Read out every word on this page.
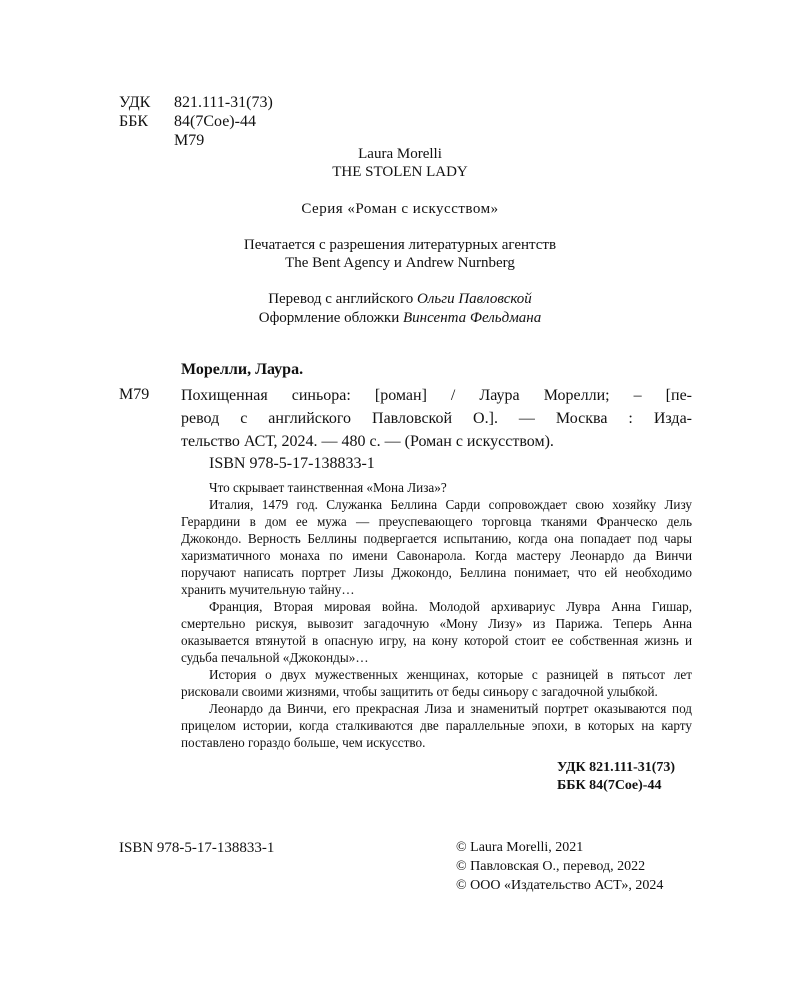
УДК	821.111-31(73)
ББК	84(7Сое)-44
М79
Laura Morelli
THE STOLEN LADY
Серия «Роман с искусством»
Печатается с разрешения литературных агентств
The Bent Agency и Andrew Nurnberg
Перевод с английского Ольги Павловской
Оформление обложки Винсента Фельдмана
Морелли, Лаура.
М79 Похищенная синьора: [роман] / Лаура Морелли; – [пе-
ревод с английского Павловской О.]. — Москва : Изда-
тельство АСТ, 2024. — 480 с. — (Роман с искусством).
ISBN 978-5-17-138833-1

Что скрывает таинственная «Мона Лиза»?

Италия, 1479 год. Служанка Беллина Сарди сопровождает свою хозяйку Лизу Герардини в дом ее мужа — преуспевающего торговца тканями Франческо дель Джокондо. Верность Беллины подвергается испытанию, когда она попадает под чары харизматичного монаха по имени Савонарола. Когда мастеру Леонардо да Винчи поручают написать портрет Лизы Джокондо, Беллина понимает, что ей необходимо хранить мучительную тайну…

Франция, Вторая мировая война. Молодой архивариус Лувра Анна Гишар, смертельно рискуя, вывозит загадочную «Мону Лизу» из Парижа. Теперь Анна оказывается втянутой в опасную игру, на кону которой стоит ее собственная жизнь и судьба печальной «Джоконды»…

История о двух мужественных женщинах, которые с разницей в пятьсот лет рисковали своими жизнями, чтобы защитить от беды синьору с загадочной улыбкой.

Леонардо да Винчи, его прекрасная Лиза и знаменитый портрет оказываются под прицелом истории, когда сталкиваются две параллельные эпохи, в которых на карту поставлено гораздо больше, чем искусство.

УДК 821.111-31(73)
ББК 84(7Сое)-44
ISBN 978-5-17-138833-1	© Laura Morelli, 2021
© Павловская О., перевод, 2022
© ООО «Издательство АСТ», 2024
